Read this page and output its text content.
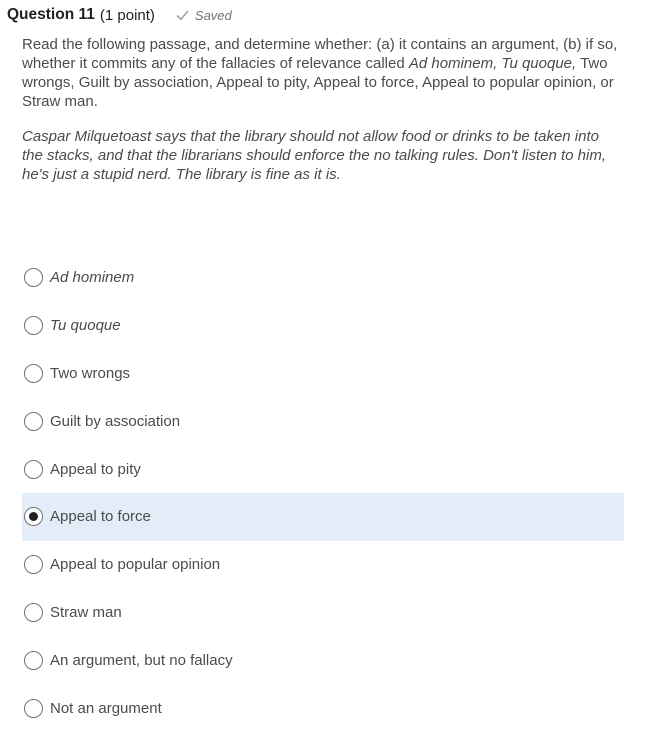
Question 11 (1 point)	Saved
Read the following passage, and determine whether: (a) it contains an argument, (b) if so, whether it commits any of the fallacies of relevance called Ad hominem, Tu quoque, Two wrongs, Guilt by association, Appeal to pity, Appeal to force, Appeal to popular opinion, or Straw man.
Caspar Milquetoast says that the library should not allow food or drinks to be taken into the stacks, and that the librarians should enforce the no talking rules. Don't listen to him, he's just a stupid nerd. The library is fine as it is.
Ad hominem
Tu quoque
Two wrongs
Guilt by association
Appeal to pity
Appeal to force
Appeal to popular opinion
Straw man
An argument, but no fallacy
Not an argument
